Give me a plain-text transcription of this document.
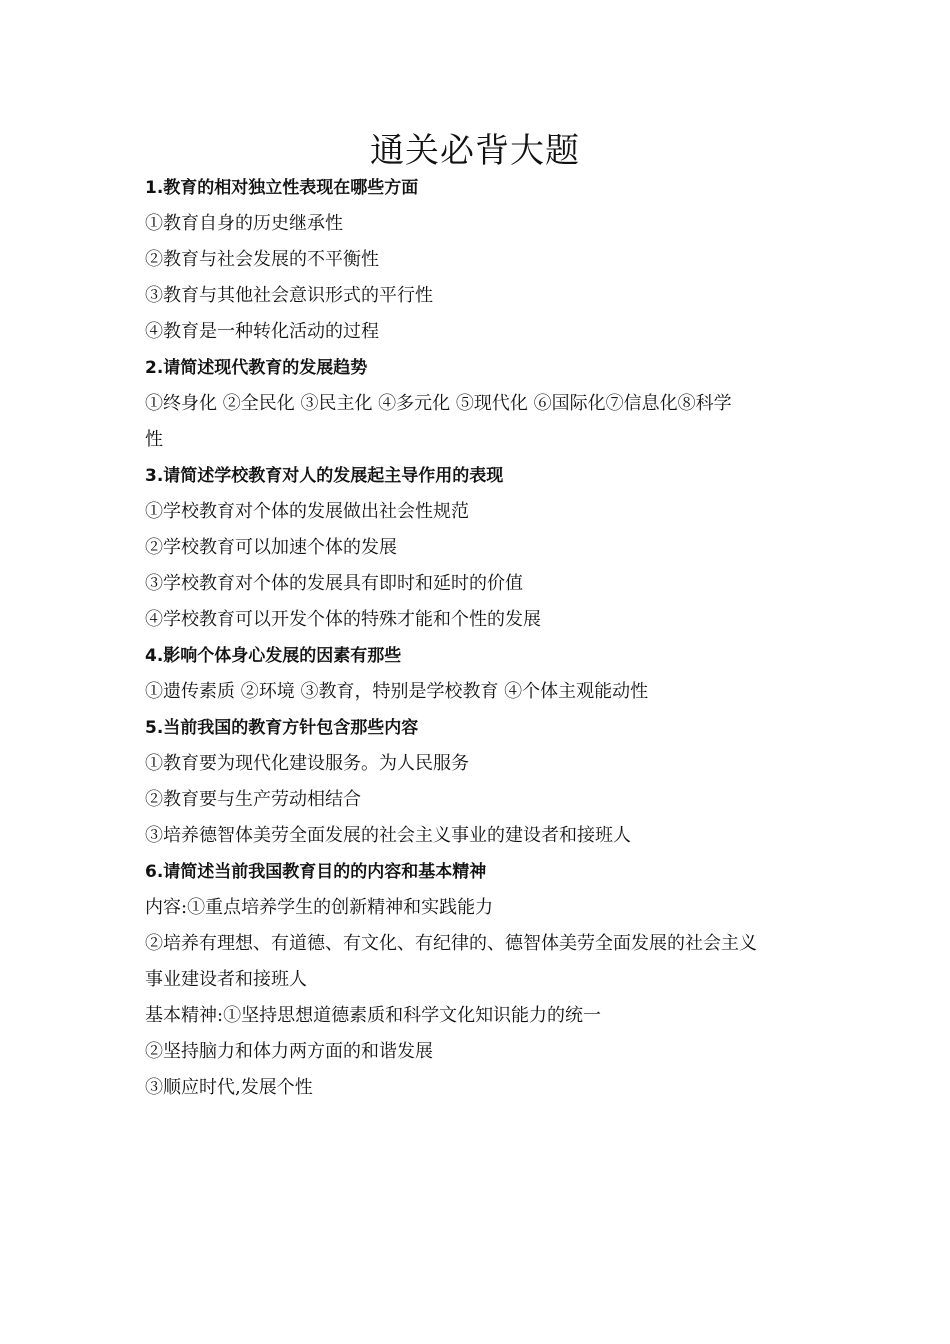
通关必背大题
1.教育的相对独立性表现在哪些方面
①教育自身的历史继承性
②教育与社会发展的不平衡性
③教育与其他社会意识形式的平行性
④教育是一种转化活动的过程
2.请简述现代教育的发展趋势
①终身化 ②全民化 ③民主化 ④多元化 ⑤现代化 ⑥国际化⑦信息化⑧科学
性
3.请简述学校教育对人的发展起主导作用的表现
①学校教育对个体的发展做出社会性规范
②学校教育可以加速个体的发展
③学校教育对个体的发展具有即时和延时的价值
④学校教育可以开发个体的特殊才能和个性的发展
4.影响个体身心发展的因素有那些
①遗传素质 ②环境 ③教育，特别是学校教育 ④个体主观能动性
5.当前我国的教育方针包含那些内容
①教育要为现代化建设服务。为人民服务
②教育要与生产劳动相结合
③培养德智体美劳全面发展的社会主义事业的建设者和接班人
6.请简述当前我国教育目的的内容和基本精神
内容:①重点培养学生的创新精神和实践能力
②培养有理想、有道德、有文化、有纪律的、德智体美劳全面发展的社会主义
事业建设者和接班人
基本精神:①坚持思想道德素质和科学文化知识能力的统一
②坚持脑力和体力两方面的和谐发展
③顺应时代,发展个性
